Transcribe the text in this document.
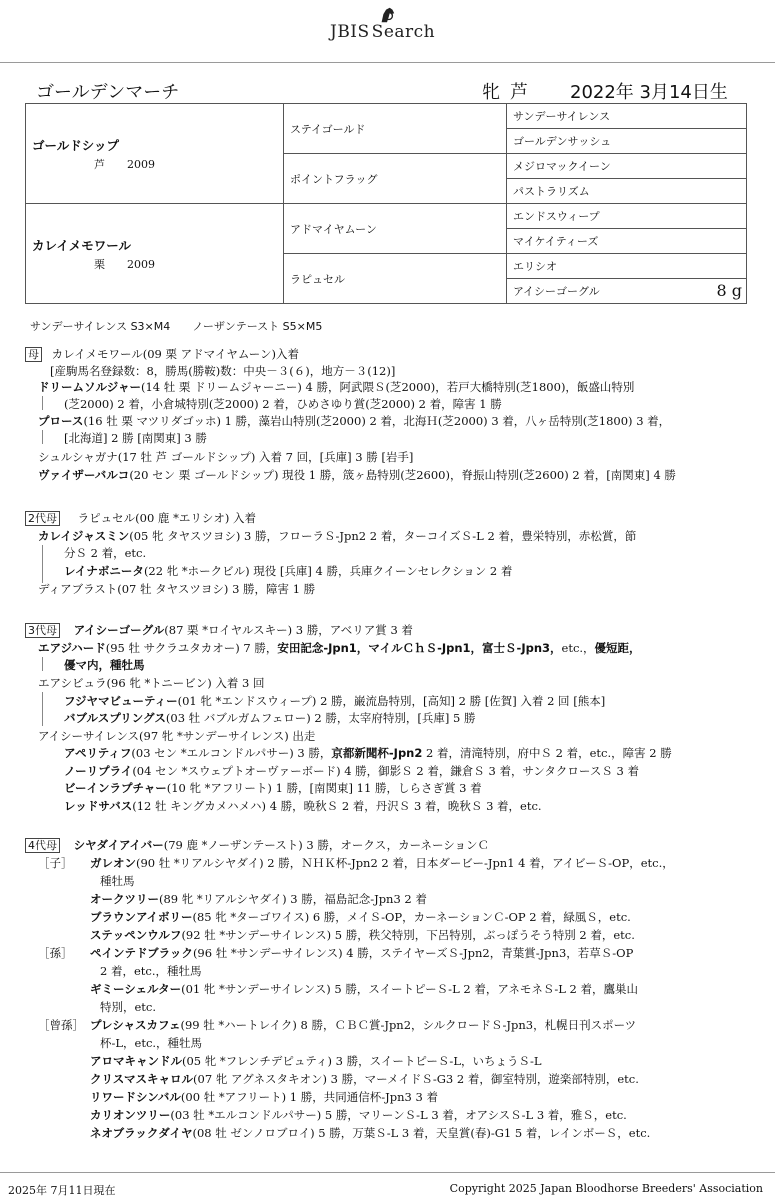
JBIS Search
ゴールデンマーチ	牝 芦 2022年 3月14日生
ゴールドシップ
芦 2009	ステイゴールド	サンデーサイレンス
		ゴールデンサッシュ
	ポイントフラッグ	メジロマックイーン
		パストラリズム

カレイメモワール
栗 2009	アドマイヤムーン	エンドスウィープ
		マイケイティーズ
	ラピュセル	エリシオ
		アイシーゴーグル 8 g
サンデーサイレンス S3×M4 ノーザンテースト S5×M5
母 カレイメモワール(09 栗 アドマイヤムーン)入着
[産駒馬名登録数：8，勝馬(勝鞍)数：中央－３(６)，地方－３(12)]
ドリームソルジャー(14 牡 栗 ドリームジャーニー) 4 勝，阿武隈Ｓ(芝2000)，若戸大橋特別(芝1800)，飯盛山特別
(芝2000) 2 着，小倉城特別(芝2000) 2 着，ひめさゆり賞(芝2000) 2 着，障害 1 勝
プロース(16 牡 栗 マツリダゴッホ) 1 勝，藻岩山特別(芝2000) 2 着，北海Ｈ(芝2000) 3 着，八ヶ岳特別(芝1800) 3 着，
[北海道] 2 勝 [南関東] 3 勝
シュルシャガナ(17 牡 芦 ゴールドシップ) 入着 7 回，[兵庫] 3 勝 [岩手]
ヴァイザーバルコ(20 セン 栗 ゴールドシップ) 現役 1 勝，筬ヶ島特別(芝2600)，脊振山特別(芝2600) 2 着，[南関東] 4 勝
2代母 ラピュセル(00 鹿 *エリシオ) 入着
カレイジャスミン(05 牝 タヤスツヨシ) 3 勝，フローラＳ-Jpn2 2 着，ターコイズＳ-L 2 着，豊栄特別，赤松賞，節
分Ｓ 2 着，etc.
レイナボニータ(22 牝 *ホークビル) 現役 [兵庫] 4 勝，兵庫クイーンセレクション 2 着
ディアブラスト(07 牡 タヤスツヨシ) 3 勝，障害 1 勝
3代母 アイシーゴーグル(87 栗 *ロイヤルスキー) 3 勝，アベリア賞 3 着
エアジハード(95 牡 サクラユタカオー) 7 勝，安田記念-Jpn1，マイルＣｈＳ-Jpn1，富士Ｓ-Jpn3，etc.，優短距，
優マ内，種牡馬
エアシビュラ(96 牝 *トニービン) 入着 3 回
フジヤマビューティー(01 牝 *エンドスウィープ) 2 勝，巌流島特別，[高知] 2 勝 [佐賀] 入着 2 回 [熊本]
バブルスプリングス(03 牡 バブルガムフェロー) 2 勝，太宰府特別，[兵庫] 5 勝
アイシーサイレンス(97 牝 *サンデーサイレンス) 出走
アペリティフ(03 セン *エルコンドルパサー) 3 勝，京都新聞杯-Jpn2 2 着，清滝特別，府中Ｓ 2 着，etc.，障害 2 勝
ノーリプライ(04 セン *スウェプトオーヴァーボード) 4 勝，御影Ｓ 2 着，鎌倉Ｓ 3 着，サンタクロースＳ 3 着
ビーインラプチャー(10 牝 *アフリート) 1 勝，[南関東] 11 勝，しらさぎ賞 3 着
レッドサバス(12 牡 キングカメハメハ) 4 勝，晩秋Ｓ 2 着，丹沢Ｓ 3 着，晩秋Ｓ 3 着，etc.
4代母 シヤダイアイバー(79 鹿 *ノーザンテースト) 3 勝，オークス，カーネーションＣ
［子］ ガレオン(90 牡 *リアルシヤダイ) 2 勝，ＮＨＫ杯-Jpn2 2 着，日本ダービー-Jpn1 4 着，アイビーＳ-OP，etc.，
種牡馬
オークツリー(89 牝 *リアルシヤダイ) 3 勝，福島記念-Jpn3 2 着
ブラウンアイボリー(85 牝 *ターゴワイス) 6 勝，メイＳ-OP，カーネーションＣ-OP 2 着，緑風Ｓ，etc.
ステッペンウルフ(92 牡 *サンデーサイレンス) 5 勝，秩父特別，下呂特別，ぶっぽうそう特別 2 着，etc.
［孫］ ペインテドブラック(96 牡 *サンデーサイレンス) 4 勝，ステイヤーズＳ-Jpn2，青葉賞-Jpn3，若草Ｓ-OP
2 着，etc.，種牡馬
ギミーシェルター(01 牝 *サンデーサイレンス) 5 勝，スイートピーＳ-L 2 着，アネモネＳ-L 2 着，鷹巣山
特別，etc.
［曾孫］ プレシャスカフェ(99 牡 *ハートレイク) 8 勝，ＣＢＣ賞-Jpn2，シルクロードＳ-Jpn3，札幌日刊スポーツ
杯-L，etc.，種牡馬
アロマキャンドル(05 牝 *フレンチデピュティ) 3 勝，スイートピーＳ-L，いちょうＳ-L
クリスマスキャロル(07 牝 アグネスタキオン) 3 勝，マーメイドＳ-G3 2 着，御室特別，遊楽部特別，etc.
リワードシンバル(00 牡 *アフリート) 1 勝，共同通信杯-Jpn3 3 着
カリオンツリー(03 牡 *エルコンドルパサー) 5 勝，マリーンＳ-L 3 着，オアシスＳ-L 3 着，雅Ｓ，etc.
ネオブラックダイヤ(08 牡 ゼンノロブロイ) 5 勝，万葉Ｓ-L 3 着，天皇賞(春)-G1 5 着，レインボーＳ，etc.
2025年 7月11日現在	Copyright 2025 Japan Bloodhorse Breeders' Association
